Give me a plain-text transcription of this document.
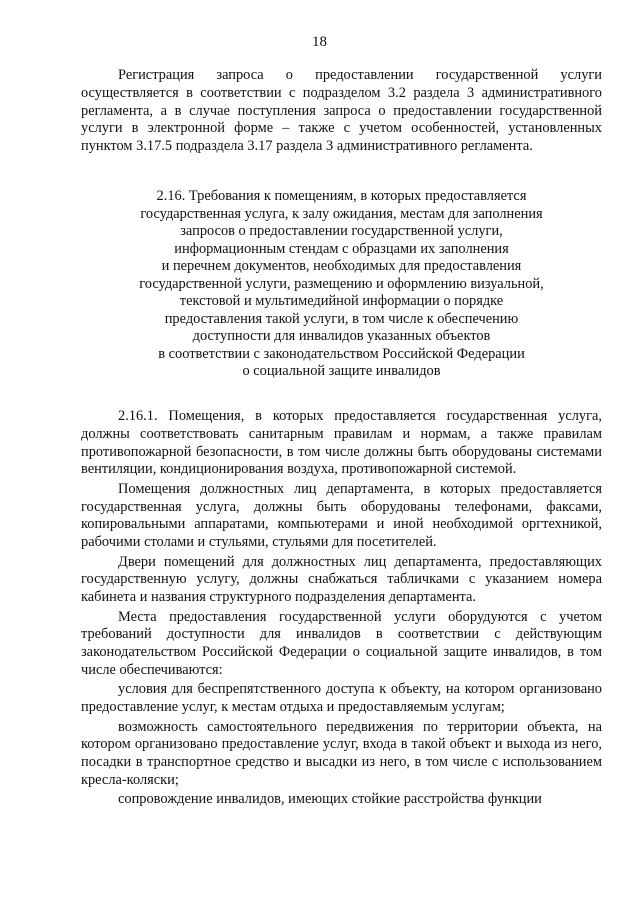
18

Регистрация запроса о предоставлении государственной услуги осуществляется в соответствии с подразделом 3.2 раздела 3 административного регламента, а в случае поступления запроса о предоставлении государственной услуги в электронной форме – также с учетом особенностей, установленных пунктом 3.17.5 подраздела 3.17 раздела 3 административного регламента.

2.16. Требования к помещениям, в которых предоставляется
государственная услуга, к залу ожидания, местам для заполнения
запросов о предоставлении государственной услуги,
информационным стендам с образцами их заполнения
и перечнем документов, необходимых для предоставления
государственной услуги, размещению и оформлению визуальной,
текстовой и мультимедийной информации о порядке
предоставления такой услуги, в том числе к обеспечению
доступности для инвалидов указанных объектов
в соответствии с законодательством Российской Федерации
о социальной защите инвалидов

2.16.1. Помещения, в которых предоставляется государственная услуга, должны соответствовать санитарным правилам и нормам, а также правилам противопожарной безопасности, в том числе должны быть оборудованы системами вентиляции, кондиционирования воздуха, противопожарной системой.

Помещения должностных лиц департамента, в которых предоставляется государственная услуга, должны быть оборудованы телефонами, факсами, копировальными аппаратами, компьютерами и иной необходимой оргтехникой, рабочими столами и стульями, стульями для посетителей.

Двери помещений для должностных лиц департамента, предоставляющих государственную услугу, должны снабжаться табличками с указанием номера кабинета и названия структурного подразделения департамента.

Места предоставления государственной услуги оборудуются с учетом требований доступности для инвалидов в соответствии с действующим законодательством Российской Федерации о социальной защите инвалидов, в том числе обеспечиваются:

условия для беспрепятственного доступа к объекту, на котором организовано предоставление услуг, к местам отдыха и предоставляемым услугам;

возможность самостоятельного передвижения по территории объекта, на котором организовано предоставление услуг, входа в такой объект и выхода из него, посадки в транспортное средство и высадки из него, в том числе с использованием кресла-коляски;

сопровождение инвалидов, имеющих стойкие расстройства функции
